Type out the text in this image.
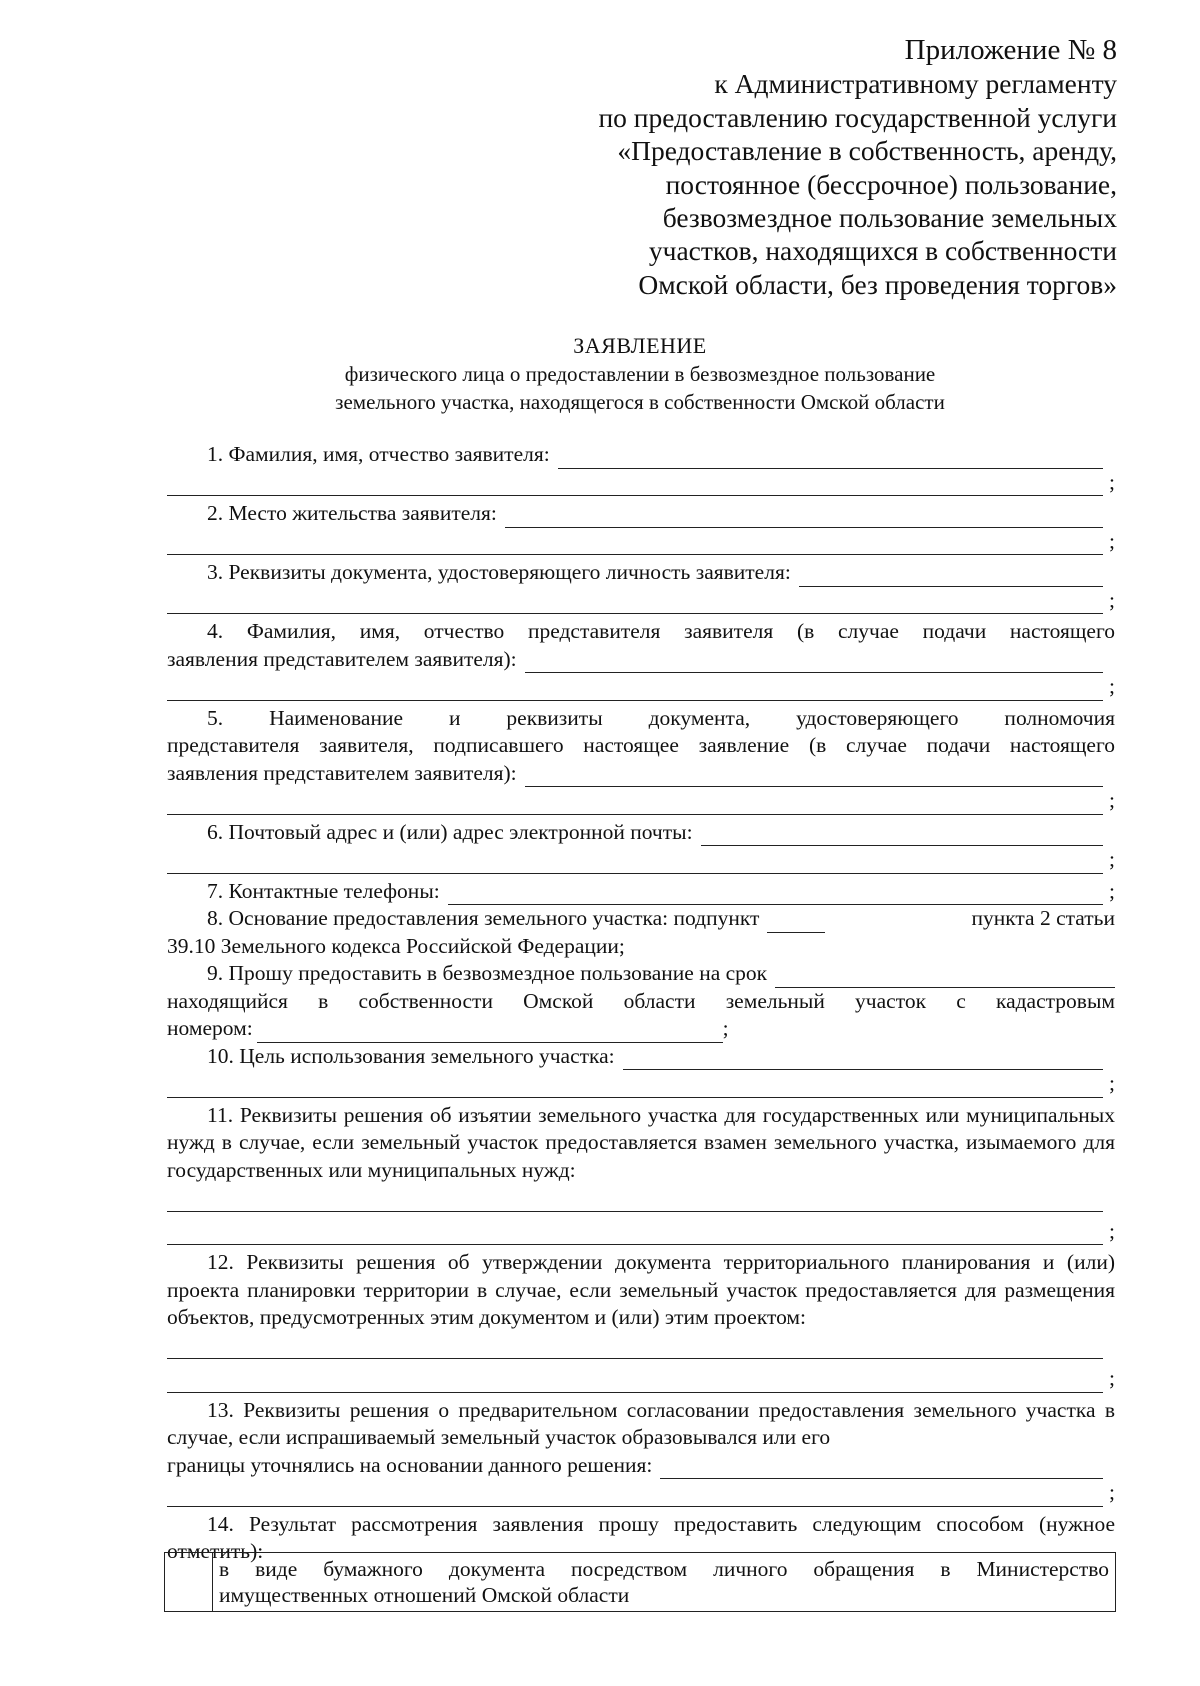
Приложение № 8
к Административному регламенту
по предоставлению государственной услуги
«Предоставление в собственность, аренду,
постоянное (бессрочное) пользование,
безвозмездное пользование земельных
участков, находящихся в собственности
Омской области, без проведения торгов»
ЗАЯВЛЕНИЕ
физического лица о предоставлении в безвозмездное пользование
земельного участка, находящегося в собственности Омской области
1. Фамилия, имя, отчество заявителя:
;
2. Место жительства заявителя:
;
3. Реквизиты документа, удостоверяющего личность заявителя:
;
4. Фамилия, имя, отчество представителя заявителя (в случае подачи настоящего
заявления представителем заявителя):
;
5. Наименование и реквизиты документа, удостоверяющего полномочия
представителя заявителя, подписавшего настоящее заявление (в случае подачи настоящего
заявления представителем заявителя):
;
6. Почтовый адрес и (или) адрес электронной почты:
;
7. Контактные телефоны:	;
8. Основание предоставления земельного участка: подпункт	пункта 2 статьи
39.10 Земельного кодекса Российской Федерации;
9. Прошу предоставить в безвозмездное пользование на срок
находящийся в собственности Омской области земельный участок с кадастровым
номером:	;
10. Цель использования земельного участка:
;
11. Реквизиты решения об изъятии земельного участка для государственных или муниципальных нужд в случае, если земельный участок предоставляется взамен земельного участка, изымаемого для государственных или муниципальных нужд:
;
12. Реквизиты решения об утверждении документа территориального планирования и (или) проекта планировки территории в случае, если земельный участок предоставляется для размещения объектов, предусмотренных этим документом и (или) этим проектом:
;
13. Реквизиты решения о предварительном согласовании предоставления земельного участка в случае, если испрашиваемый земельный участок образовывался или его
границы уточнялись на основании данного решения:
;
14. Результат рассмотрения заявления прошу предоставить следующим способом (нужное отметить):

в виде бумажного документа посредством личного обращения в Министерство
имущественных отношений Омской области
